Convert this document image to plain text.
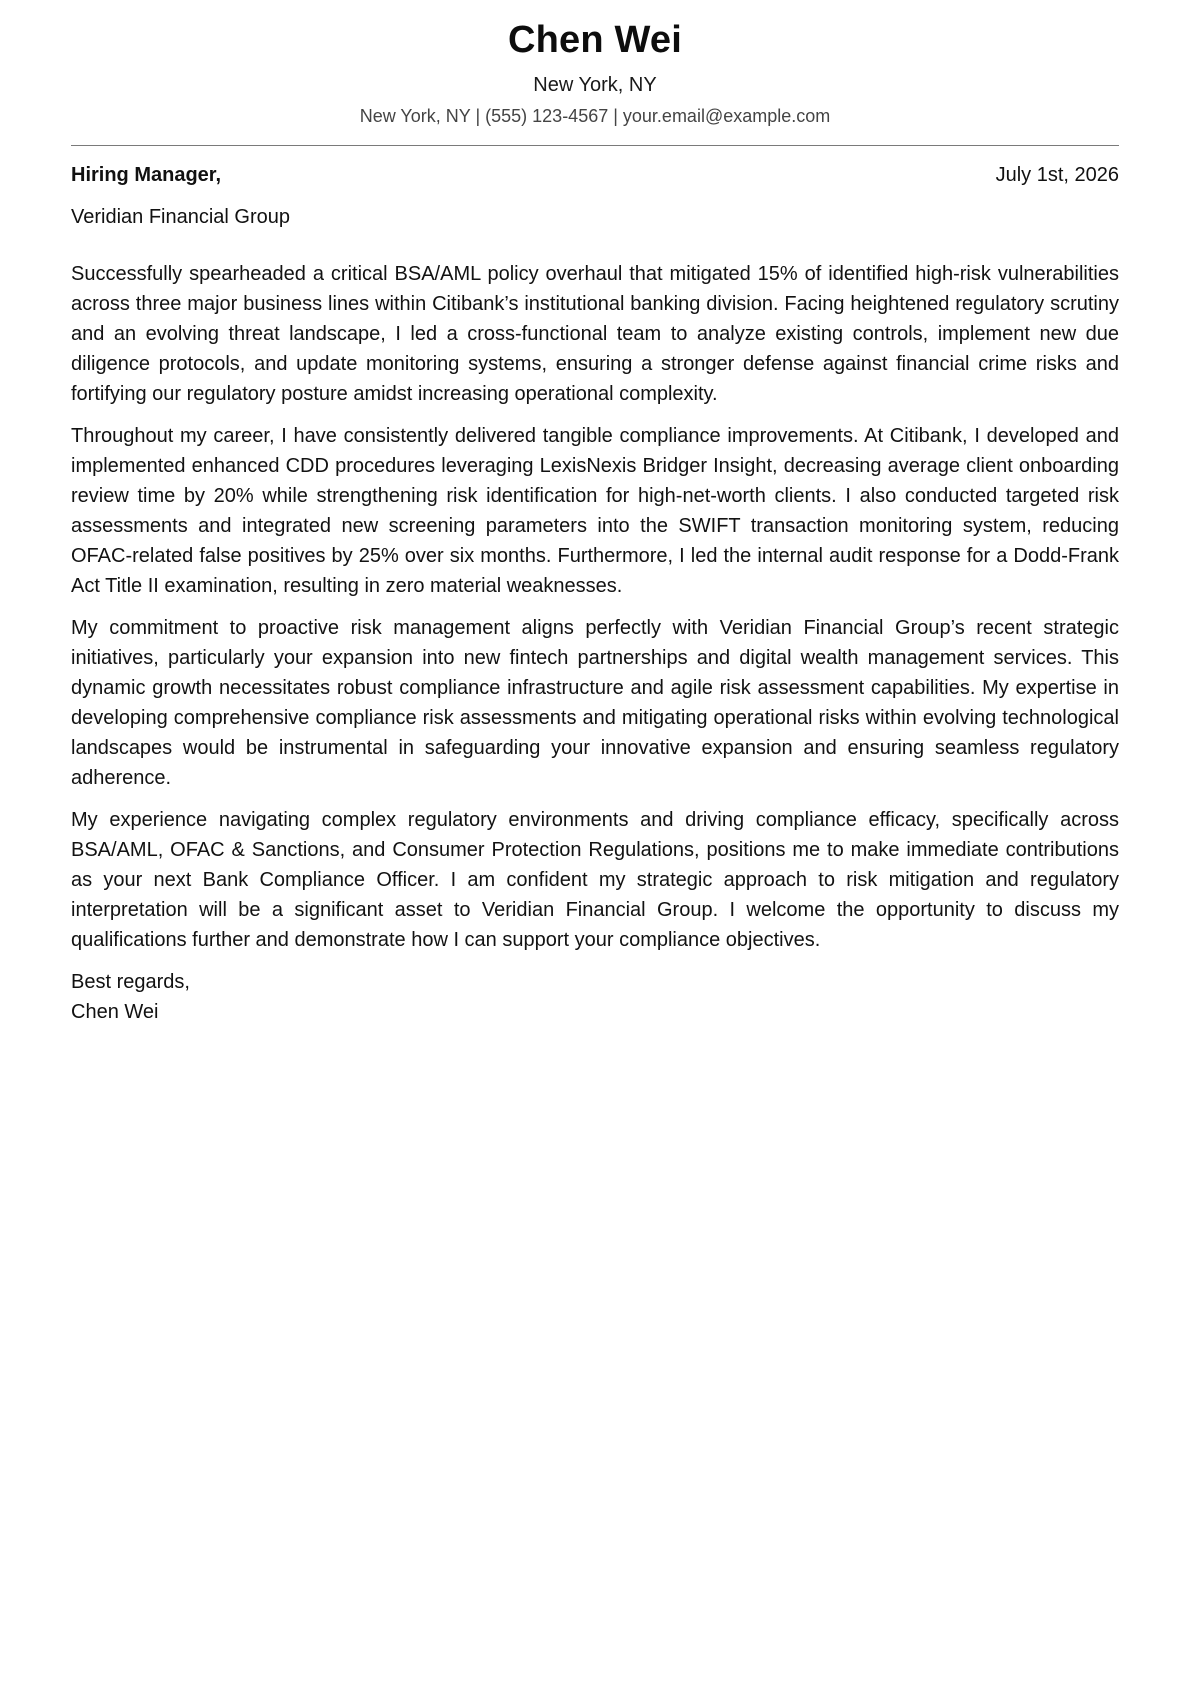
Chen Wei
New York, NY
New York, NY | (555) 123-4567 | your.email@example.com
Hiring Manager,	July 1st, 2026
Veridian Financial Group

Successfully spearheaded a critical BSA/AML policy overhaul that mitigated 15% of identified high-risk vulnerabilities across three major business lines within Citibank’s institutional banking division. Facing heightened regulatory scrutiny and an evolving threat landscape, I led a cross-functional team to analyze existing controls, implement new due diligence protocols, and update monitoring systems, ensuring a stronger defense against financial crime risks and fortifying our regulatory posture amidst increasing operational complexity.

Throughout my career, I have consistently delivered tangible compliance improvements. At Citibank, I developed and implemented enhanced CDD procedures leveraging LexisNexis Bridger Insight, decreasing average client onboarding review time by 20% while strengthening risk identification for high-net-worth clients. I also conducted targeted risk assessments and integrated new screening parameters into the SWIFT transaction monitoring system, reducing OFAC-related false positives by 25% over six months. Furthermore, I led the internal audit response for a Dodd-Frank Act Title II examination, resulting in zero material weaknesses.

My commitment to proactive risk management aligns perfectly with Veridian Financial Group’s recent strategic initiatives, particularly your expansion into new fintech partnerships and digital wealth management services. This dynamic growth necessitates robust compliance infrastructure and agile risk assessment capabilities. My expertise in developing comprehensive compliance risk assessments and mitigating operational risks within evolving technological landscapes would be instrumental in safeguarding your innovative expansion and ensuring seamless regulatory adherence.

My experience navigating complex regulatory environments and driving compliance efficacy, specifically across BSA/AML, OFAC & Sanctions, and Consumer Protection Regulations, positions me to make immediate contributions as your next Bank Compliance Officer. I am confident my strategic approach to risk mitigation and regulatory interpretation will be a significant asset to Veridian Financial Group. I welcome the opportunity to discuss my qualifications further and demonstrate how I can support your compliance objectives.

Best regards,
Chen Wei
